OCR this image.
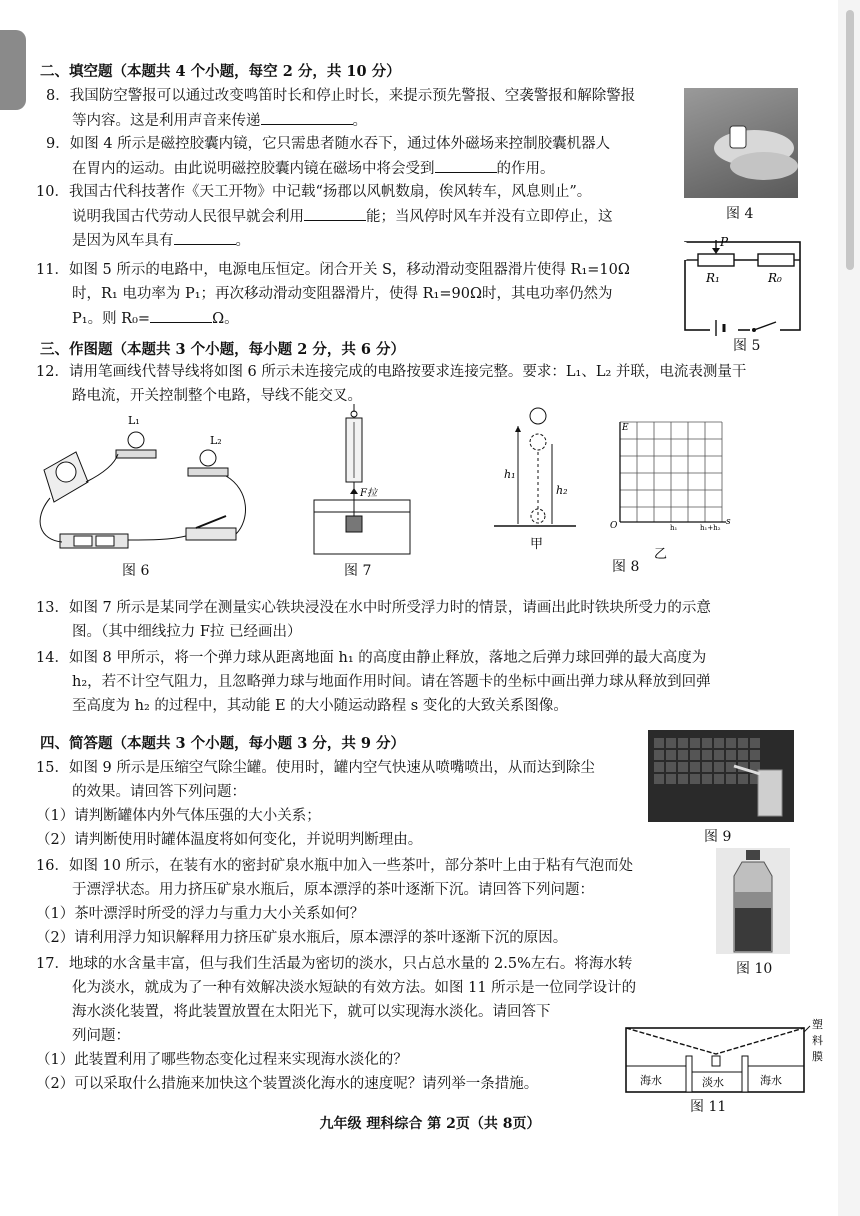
二、填空题（本题共 4 个小题，每空 2 分，共 10 分）
8．我国防空警报可以通过改变鸣笛时长和停止时长，来提示预先警报、空袭警报和解除警报
等内容。这是利用声音来传递	。
9．如图 4 所示是磁控胶囊内镜，它只需患者随水吞下，通过体外磁场来控制胶囊机器人
在胃内的运动。由此说明磁控胶囊内镜在磁场中将会受到	的作用。
10．我国古代科技著作《天工开物》中记载“扬郡以风帆数扇，俟风转车，风息则止”。
说明我国古代劳动人民很早就会利用	能；当风停时风车并没有立即停止，这
是因为风车具有	。
11．如图 5 所示的电路中，电源电压恒定。闭合开关 S，移动滑动变阻器滑片使得 R₁=10Ω
时，R₁ 电功率为 P₁；再次移动滑动变阻器滑片，使得 R₁=90Ω时，其电功率仍然为
P₁。则 R₀=	Ω。
图 4
P
R₁	R₀
图 5
三、作图题（本题共 3 个小题，每小题 2 分，共 6 分）
12．请用笔画线代替导线将如图 6 所示未连接完成的电路按要求连接完整。要求：L₁、L₂ 并联，电流表测量干
路电流，开关控制整个电路，导线不能交叉。
L₁
L₂
图 6
F拉
图 7
h₁
h₂
甲
E
O	h₁	h₁+h₂
s
乙
图 8
13．如图 7 所示是某同学在测量实心铁块浸没在水中时所受浮力时的情景，请画出此时铁块所受力的示意
图。（其中细线拉力 F拉 已经画出）
14．如图 8 甲所示，将一个弹力球从距离地面 h₁ 的高度由静止释放，落地之后弹力球回弹的最大高度为
h₂，若不计空气阻力，且忽略弹力球与地面作用时间。请在答题卡的坐标中画出弹力球从释放到回弹
至高度为 h₂ 的过程中，其动能 E 的大小随运动路程 s 变化的大致关系图像。
四、简答题（本题共 3 个小题，每小题 3 分，共 9 分）
15．如图 9 所示是压缩空气除尘罐。使用时，罐内空气快速从喷嘴喷出，从而达到除尘
的效果。请回答下列问题：
（1）请判断罐体内外气体压强的大小关系；
（2）请判断使用时罐体温度将如何变化，并说明判断理由。	图 9
16．如图 10 所示，在装有水的密封矿泉水瓶中加入一些茶叶，部分茶叶上由于粘有气泡而处
于漂浮状态。用力挤压矿泉水瓶后，原本漂浮的茶叶逐渐下沉。请回答下列问题：
（1）茶叶漂浮时所受的浮力与重力大小关系如何？
（2）请利用浮力知识解释用力挤压矿泉水瓶后，原本漂浮的茶叶逐渐下沉的原因。
图 10
17．地球的水含量丰富，但与我们生活最为密切的淡水，只占总水量的 2.5%左右。将海水转
化为淡水，就成为了一种有效解决淡水短缺的有效方法。如图 11 所示是一位同学设计的
海水淡化装置，将此装置放置在太阳光下，就可以实现海水淡化。请回答下
列问题：
（1）此装置利用了哪些物态变化过程来实现海水淡化的？
（2）可以采取什么措施来加快这个装置淡化海水的速度呢？请列举一条措施。	海水	淡水	海水
塑
料
膜
图 11
九年级 理科综合 第 2页（共 8页）
